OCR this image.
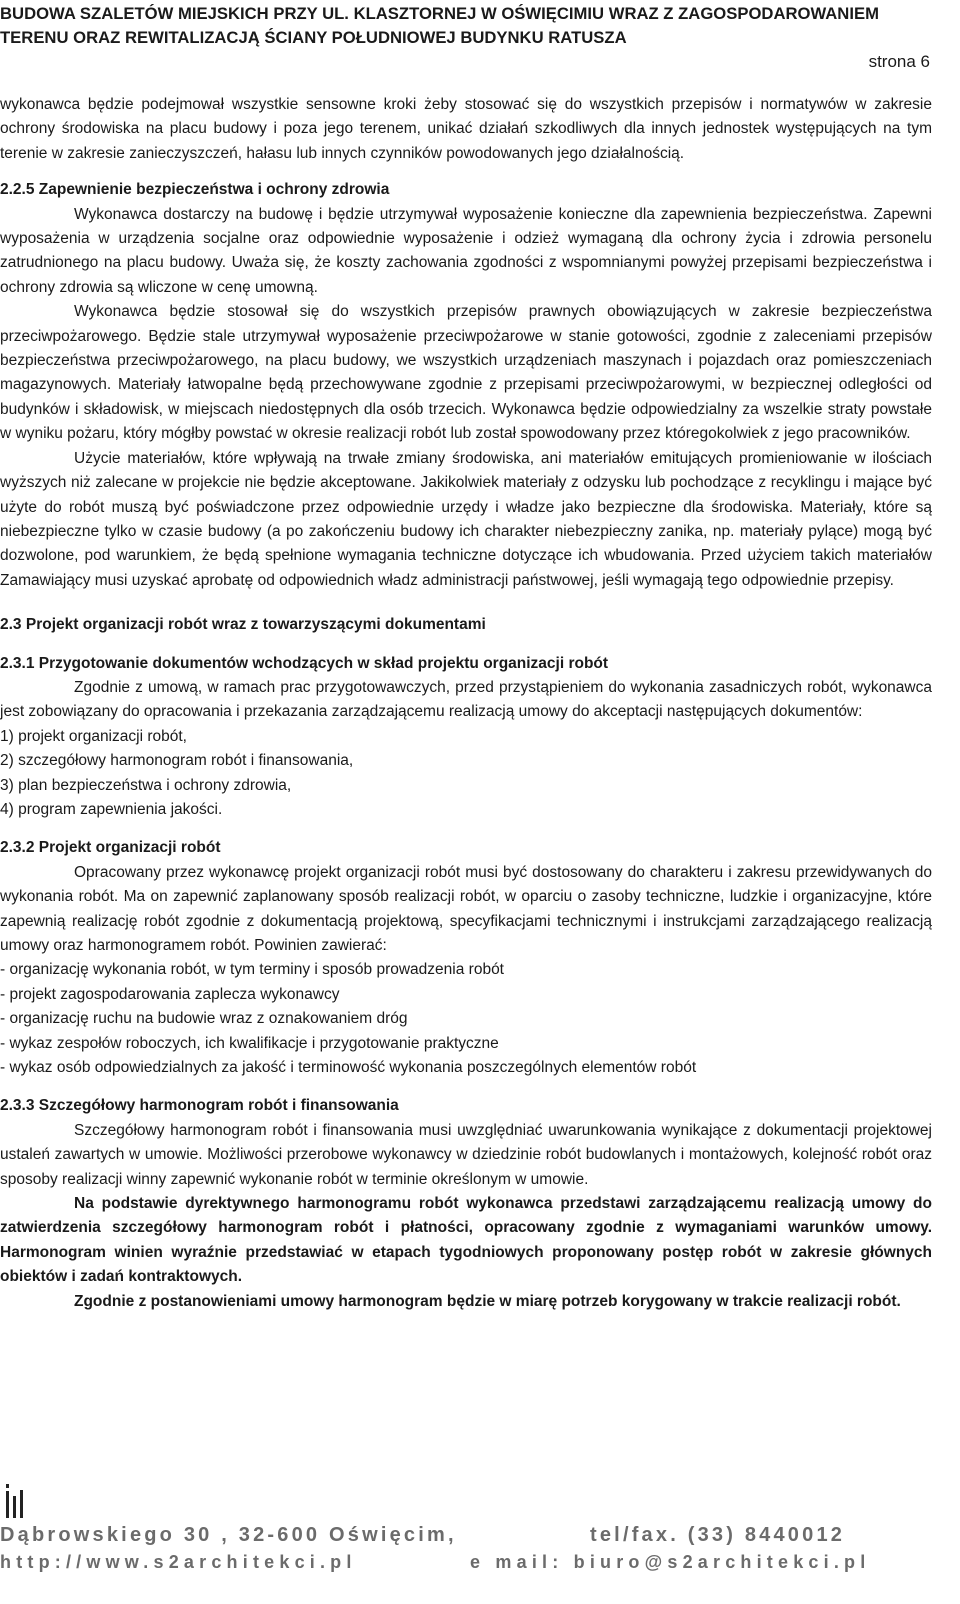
BUDOWA SZALETÓW MIEJSKICH PRZY UL. KLASZTORNEJ W OŚWIĘCIMIU WRAZ Z ZAGOSPODAROWANIEM
TERENU ORAZ REWITALIZACJĄ ŚCIANY POŁUDNIOWEJ BUDYNKU RATUSZA
strona 6

wykonawca będzie podejmował wszystkie sensowne kroki żeby stosować się do wszystkich przepisów i normatywów w zakresie ochrony środowiska na placu budowy i poza jego terenem, unikać działań szkodliwych dla innych jednostek występujących na tym terenie w zakresie zanieczyszczeń, hałasu lub innych czynników powodowanych jego działalnością.

2.2.5 Zapewnienie bezpieczeństwa i ochrony zdrowia

Wykonawca dostarczy na budowę i będzie utrzymywał wyposażenie konieczne dla zapewnienia bezpieczeństwa. Zapewni wyposażenia w urządzenia socjalne oraz odpowiednie wyposażenie i odzież wymaganą dla ochrony życia i zdrowia personelu zatrudnionego na placu budowy. Uważa się, że koszty zachowania zgodności z wspomnianymi powyżej przepisami bezpieczeństwa i ochrony zdrowia są wliczone w cenę umowną.

Wykonawca będzie stosował się do wszystkich przepisów prawnych obowiązujących w zakresie bezpieczeństwa przeciwpożarowego. Będzie stale utrzymywał wyposażenie przeciwpożarowe w stanie gotowości, zgodnie z zaleceniami przepisów bezpieczeństwa przeciwpożarowego, na placu budowy, we wszystkich urządzeniach maszynach i pojazdach oraz pomieszczeniach magazynowych. Materiały łatwopalne będą przechowywane zgodnie z przepisami przeciwpożarowymi, w bezpiecznej odległości od budynków i składowisk, w miejscach niedostępnych dla osób trzecich. Wykonawca będzie odpowiedzialny za wszelkie straty powstałe w wyniku pożaru, który mógłby powstać w okresie realizacji robót lub został spowodowany przez któregokolwiek z jego pracowników.

Użycie materiałów, które wpływają na trwałe zmiany środowiska, ani materiałów emitujących promieniowanie w ilościach wyższych niż zalecane w projekcie nie będzie akceptowane. Jakikolwiek materiały z odzysku lub pochodzące z recyklingu i mające być użyte do robót muszą być poświadczone przez odpowiednie urzędy i władze jako bezpieczne dla środowiska. Materiały, które są niebezpieczne tylko w czasie budowy (a po zakończeniu budowy ich charakter niebezpieczny zanika, np. materiały pylące) mogą być dozwolone, pod warunkiem, że będą spełnione wymagania techniczne dotyczące ich wbudowania. Przed użyciem takich materiałów Zamawiający musi uzyskać aprobatę od odpowiednich władz administracji państwowej, jeśli wymagają tego odpowiednie przepisy.

2.3 Projekt organizacji robót wraz z towarzyszącymi dokumentami

2.3.1 Przygotowanie dokumentów wchodzących w skład projektu organizacji robót

Zgodnie z umową, w ramach prac przygotowawczych, przed przystąpieniem do wykonania zasadniczych robót, wykonawca jest zobowiązany do opracowania i przekazania zarządzającemu realizacją umowy do akceptacji następujących dokumentów:

1) projekt organizacji robót,

2) szczegółowy harmonogram robót i finansowania,

3) plan bezpieczeństwa i ochrony zdrowia,

4) program zapewnienia jakości.

2.3.2 Projekt organizacji robót

Opracowany przez wykonawcę projekt organizacji robót musi być dostosowany do charakteru i zakresu przewidywanych do wykonania robót. Ma on zapewnić zaplanowany sposób realizacji robót, w oparciu o zasoby techniczne, ludzkie i organizacyjne, które zapewnią realizację robót zgodnie z dokumentacją projektową, specyfikacjami technicznymi i instrukcjami zarządzającego realizacją umowy oraz harmonogramem robót. Powinien zawierać:

- organizację wykonania robót, w tym terminy i sposób prowadzenia robót

- projekt zagospodarowania zaplecza wykonawcy

- organizację ruchu na budowie wraz z oznakowaniem dróg

- wykaz zespołów roboczych, ich kwalifikacje i przygotowanie praktyczne

- wykaz osób odpowiedzialnych za jakość i terminowość wykonania poszczególnych elementów robót

2.3.3 Szczegółowy harmonogram robót i finansowania

Szczegółowy harmonogram robót i finansowania musi uwzględniać uwarunkowania wynikające z dokumentacji projektowej ustaleń zawartych w umowie. Możliwości przerobowe wykonawcy w dziedzinie robót budowlanych i montażowych, kolejność robót oraz sposoby realizacji winny zapewnić wykonanie robót w terminie określonym w umowie.

Na podstawie dyrektywnego harmonogramu robót wykonawca przedstawi zarządzającemu realizacją umowy do zatwierdzenia szczegółowy harmonogram robót i płatności, opracowany zgodnie z wymaganiami warunków umowy. Harmonogram winien wyraźnie przedstawiać w etapach tygodniowych proponowany postęp robót w zakresie głównych obiektów i zadań kontraktowych.

Zgodnie z postanowieniami umowy harmonogram będzie w miarę potrzeb korygowany w trakcie realizacji robót.

Dąbrowskiego 30 , 32-600 Oświęcim,	tel/fax. (33) 8440012
http://www.s2architekci.pl	e mail: biuro@s2architekci.pl
